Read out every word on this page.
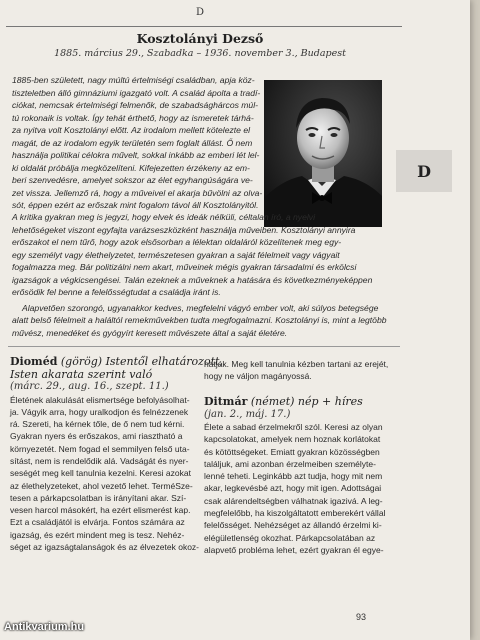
D
Kosztolányi Dezső
1885. március 29., Szabadka – 1936. november 3., Budapest
D
1885-ben született, nagy múltú értelmiségi családban, apja köz-
tiszteletben álló gimnáziumi igazgató volt. A család ápolta a tradí-
ciókat, nemcsak értelmiségi felmenők, de szabadsághárcos múl-
tú rokonaik is voltak. Így tehát érthető, hogy az ismeretek tárhá-
za nyitva volt Kosztolányi előtt. Az irodalom mellett kötelezte el
magát, de az irodalom egyik területén sem foglalt állást. Ő nem
használja politikai célokra művelt, sokkal inkább az emberi lét lel-
ki oldalát próbálja megközelíteni. Kifejezetten érzékeny az em-
beri szenvedésre, amelyet sokszor az élet egyhangúságára ve-
zet vissza. Jellemző rá, hogy a műveivel el akarja bűvölni az olva-
sót, éppen ezért az erőszak mint fogalom távol áll Kosztolányitól.
A kritika gyakran meg is jegyzi, hogy elvek és ideák nélküli, céltalan író, a nyelvi
lehetőségeket viszont egyfajta varázseszközként használja műveiben. Kosztolányi annyira
erőszakot el nem tűrő, hogy azok elsősorban a lélektan oldaláról közelítenek meg egy-
egy személyt vagy élethelyzetet, természetesen gyakran a saját félelmeit vagy vágyait
fogalmazza meg. Bár politizálni nem akart, műveinek mégis gyakran társadalmi és erkölcsi
igazságok a végkicsengései. Talán ezeknek a műveknek a hatására és következményeképpen
erősödik fel benne a felelősségtudat a családja iránt is.
Alapvetően szorongó, ugyanakkor kedves, megfelelni vágyó ember volt, aki súlyos betegsége
alatt belső félelmeit a haláltól remekművekben tudta megfogalmazni. Kosztolányi is, mint a legtöbb
művész, menedéket és gyógyírt keresett művészete által a saját életére.
Dioméd (görög) Istentől elhatározott,
Isten akarata szerint való
(márc. 29., aug. 16., szept. 11.)
Életének alakulását elismertsége befolyásolhat-
ja. Vágyik arra, hogy uralkodjon és felnézzenek
rá. Szereti, ha kérnek tőle, de ő nem tud kérni.
Gyakran nyers és erőszakos, ami riasztható a
környezetét. Nem fogad el semmilyen felső uta-
sítást, nem is rendelődik alá. Vadságát és nyer-
seségét meg kell tanulnia kezelni. Keresi azokat
az élethelyzeteket, ahol vezető lehet. TerméSze-
tesen a párkapcsolatban is irányítani akar. Szí-
vesen harcol másokért, ha ezért elismerést kap.
Ezt a családjától is elvárja. Fontos számára az
igazság, és ezért mindent meg is tesz. Nehéz-
séget az igazságtalanságok és az élvezetek okoz-
hatják. Meg kell tanulnia kézben tartani az erejét,
hogy ne váljon magányossá.
Ditmár (német) nép + híres
(jan. 2., máj. 17.)
Élete a sabad érzelmekről szól. Keresi az olyan
kapcsolatokat, amelyek nem hoznak korlátokat
és kötöttségeket. Emiatt gyakran közösségben
találjuk, ami azonban érzelmeiben személyte-
lenné teheti. Leginkább azt tudja, hogy mit nem
akar, legkevésbé azt, hogy mit igen. Adottságai
csak alárendeltségben válhatnak igazivá. A leg-
megfelelőbb, ha kiszolgáltatott emberekért vállal
felelősséget. Nehézséget az állandó érzelmi ki-
elégületlenség okozhat. Párkapcsolatában az
alapvető probléma lehet, ezért gyakran él egye-
93
Antikvarium.hu
